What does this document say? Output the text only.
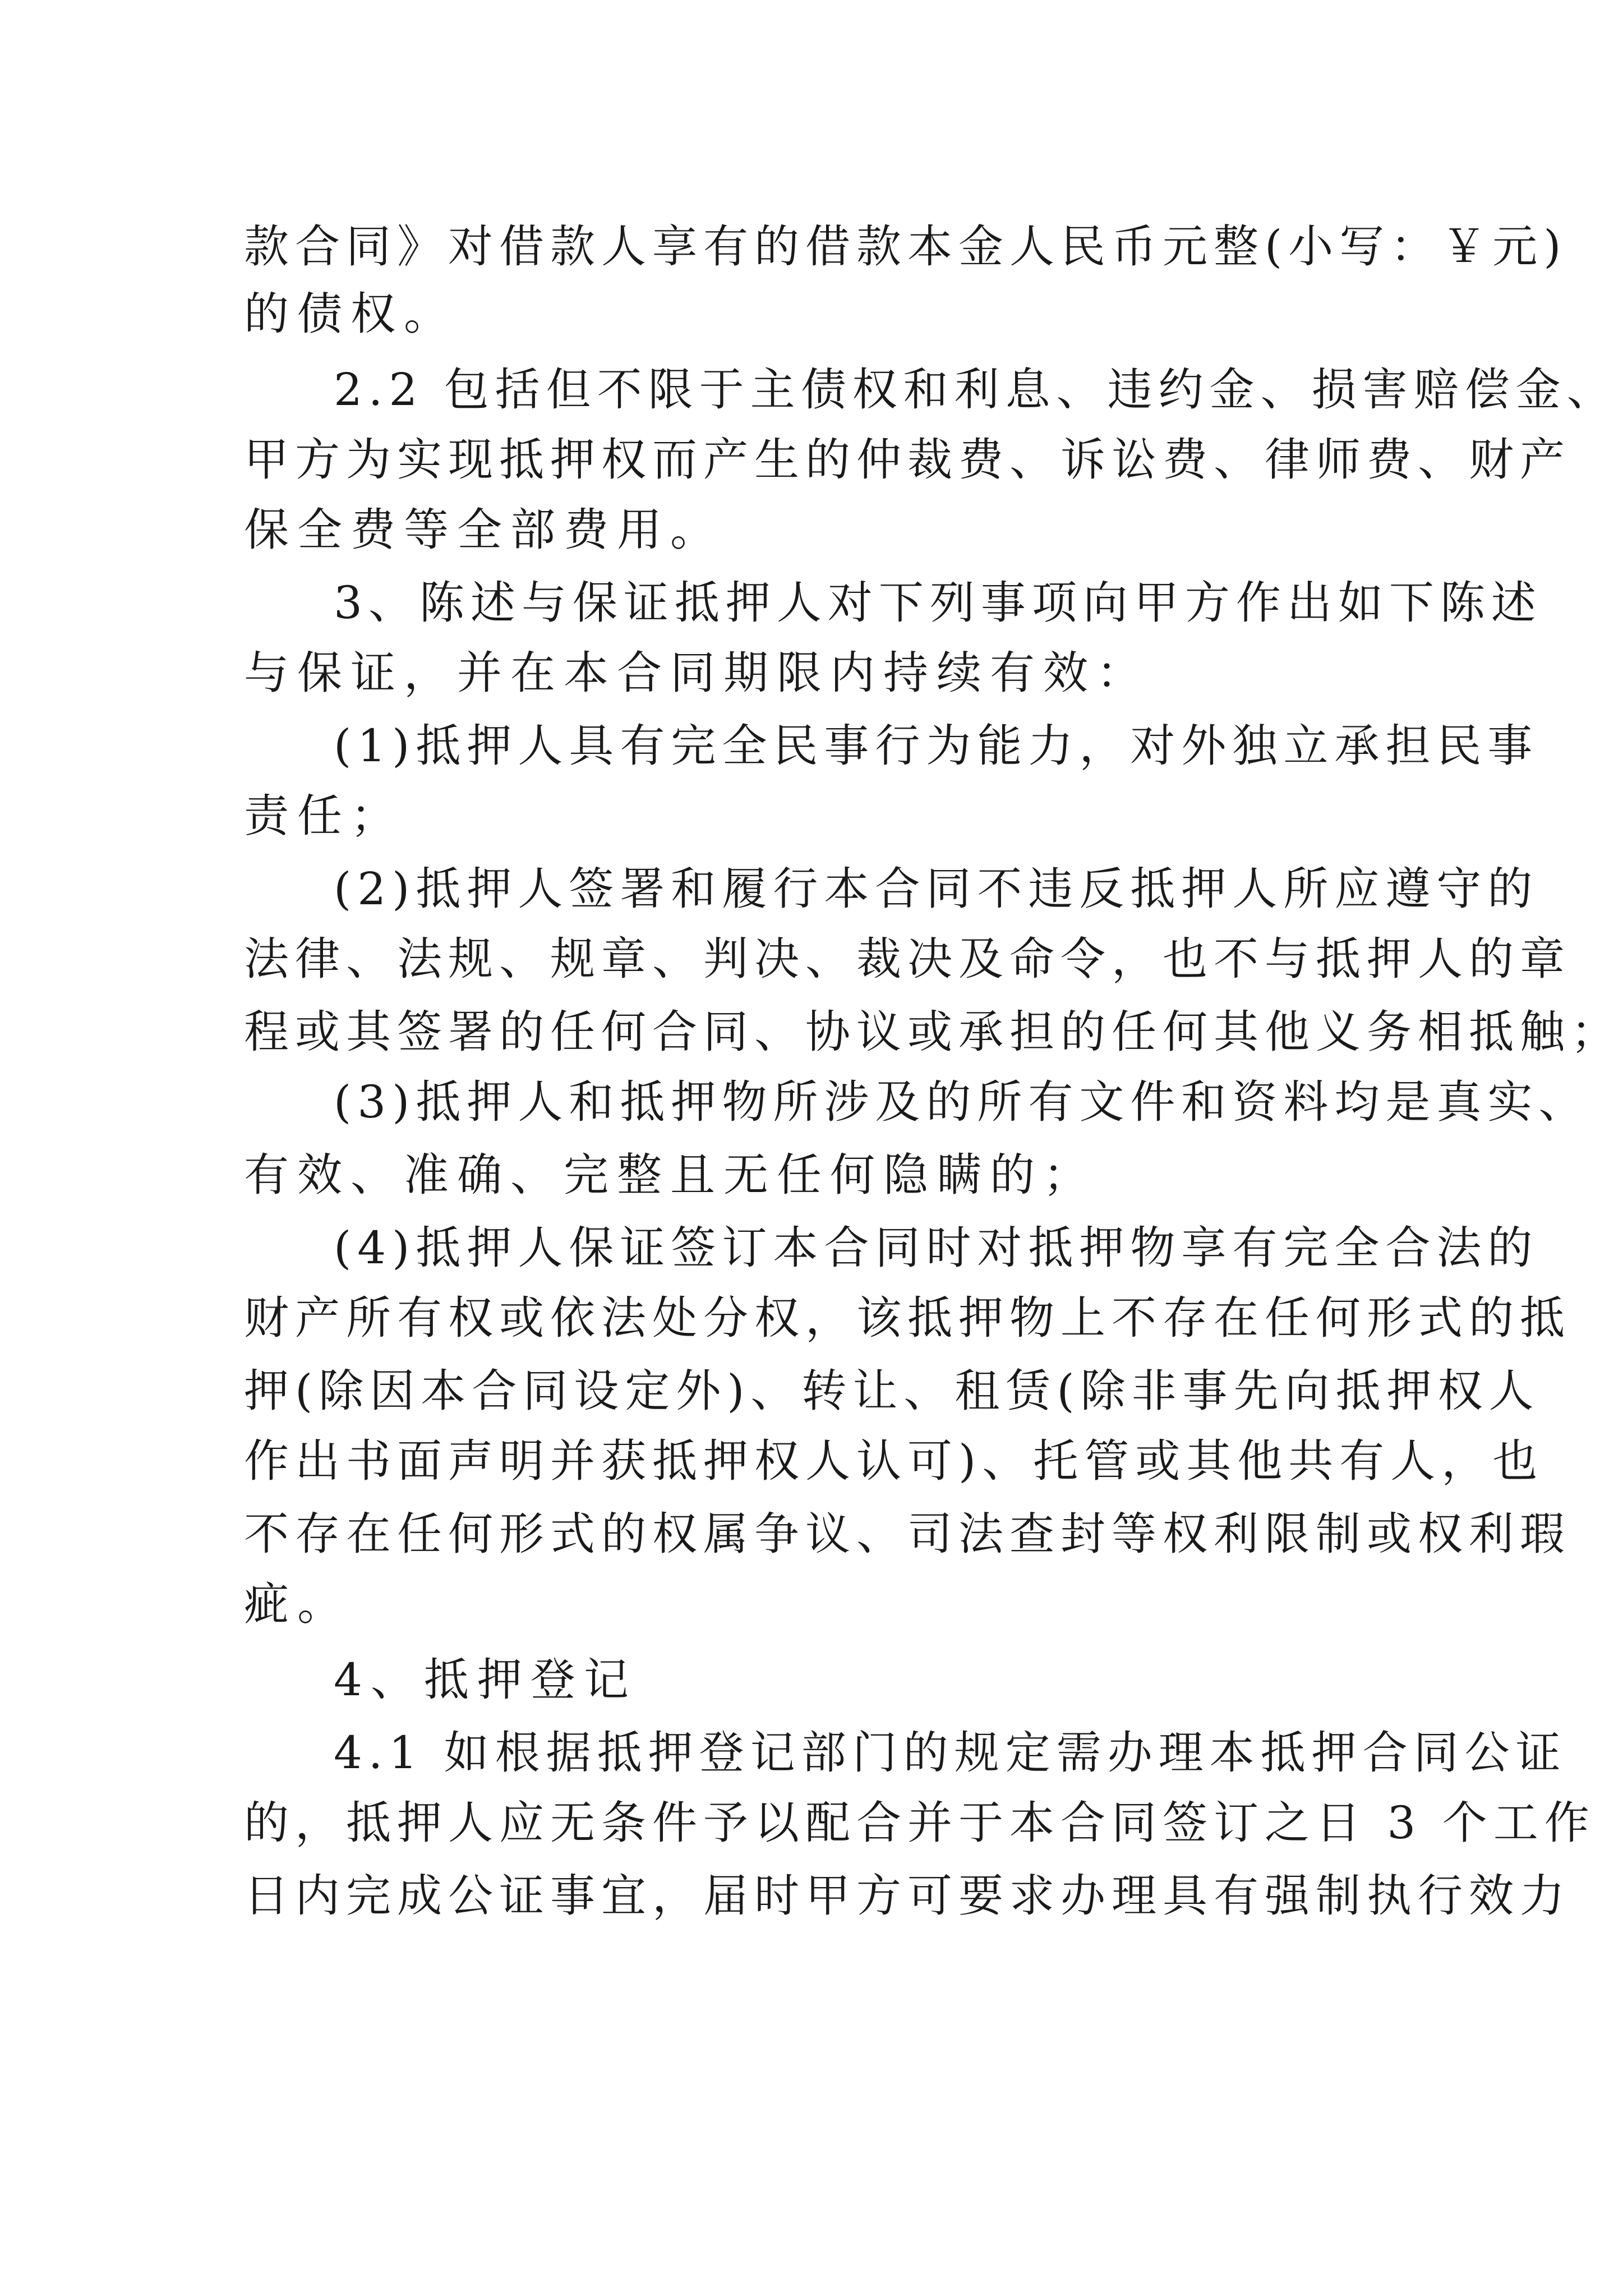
款合同》对借款人享有的借款本金人民币元整(小写：￥元)

的债权。

2.2 包括但不限于主债权和利息、违约金、损害赔偿金、

甲方为实现抵押权而产生的仲裁费、诉讼费、律师费、财产

保全费等全部费用。

3、陈述与保证抵押人对下列事项向甲方作出如下陈述

与保证，并在本合同期限内持续有效：

(1)抵押人具有完全民事行为能力，对外独立承担民事

责任；

(2)抵押人签署和履行本合同不违反抵押人所应遵守的

法律、法规、规章、判决、裁决及命令，也不与抵押人的章

程或其签署的任何合同、协议或承担的任何其他义务相抵触；

(3)抵押人和抵押物所涉及的所有文件和资料均是真实、

有效、准确、完整且无任何隐瞒的；

(4)抵押人保证签订本合同时对抵押物享有完全合法的

财产所有权或依法处分权，该抵押物上不存在任何形式的抵

押(除因本合同设定外)、转让、租赁(除非事先向抵押权人

作出书面声明并获抵押权人认可)、托管或其他共有人，也

不存在任何形式的权属争议、司法查封等权利限制或权利瑕

疵。

4、抵押登记

4.1 如根据抵押登记部门的规定需办理本抵押合同公证

的，抵押人应无条件予以配合并于本合同签订之日 3 个工作

日内完成公证事宜，届时甲方可要求办理具有强制执行效力
